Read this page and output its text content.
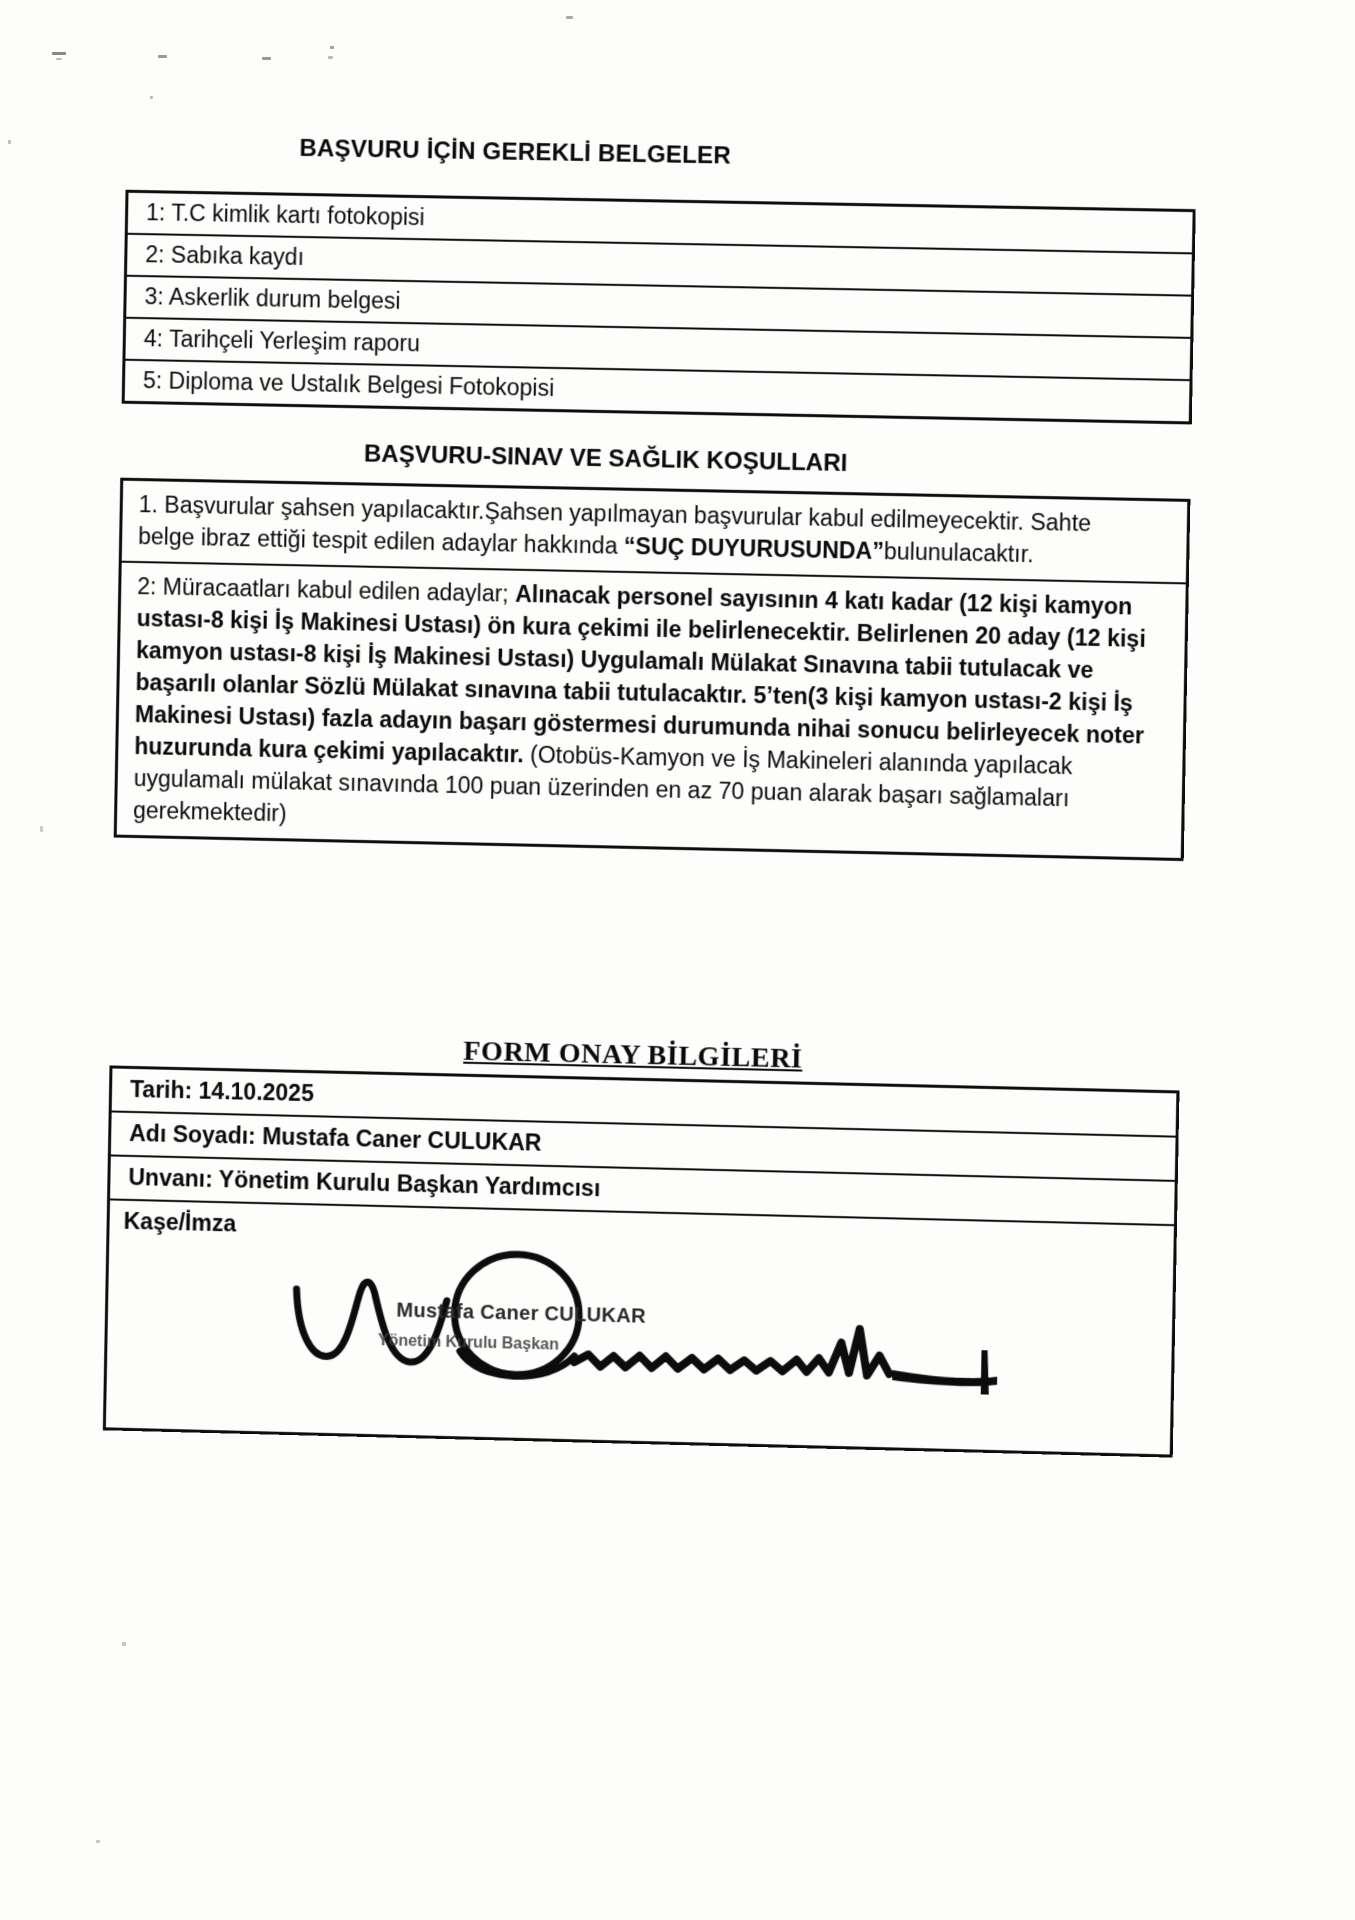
BAŞVURU İÇİN GEREKLİ BELGELER
1: T.C kimlik kartı fotokopisi
2: Sabıka kaydı
3: Askerlik durum belgesi
4: Tarihçeli Yerleşim raporu
5: Diploma ve Ustalık Belgesi Fotokopisi
BAŞVURU-SINAV VE SAĞLIK KOŞULLARI
1. Başvurular şahsen yapılacaktır.Şahsen yapılmayan başvurular kabul edilmeyecektir. Sahte belge ibraz ettiği tespit edilen adaylar hakkında “SUÇ DUYURUSUNDA”bulunulacaktır.
2: Müracaatları kabul edilen adaylar; Alınacak personel sayısının 4 katı kadar (12 kişi kamyon ustası-8 kişi İş Makinesi Ustası) ön kura çekimi ile belirlenecektir. Belirlenen 20 aday (12 kişi kamyon ustası-8 kişi İş Makinesi Ustası) Uygulamalı Mülakat Sınavına tabii tutulacak ve başarılı olanlar Sözlü Mülakat sınavına tabii tutulacaktır. 5’ten(3 kişi kamyon ustası-2 kişi İş Makinesi Ustası) fazla adayın başarı göstermesi durumunda nihai sonucu belirleyecek noter huzurunda kura çekimi yapılacaktır. (Otobüs-Kamyon ve İş Makineleri alanında yapılacak uygulamalı mülakat sınavında 100 puan üzerinden en az 70 puan alarak başarı sağlamaları gerekmektedir)
FORM ONAY BİLGİLERİ
Tarih: 14.10.2025
Adı Soyadı: Mustafa Caner CULUKAR
Unvanı: Yönetim Kurulu Başkan Yardımcısı
Kaşe/İmza
Mustafa Caner CULUKAR
Yönetim Kurulu Başkan
